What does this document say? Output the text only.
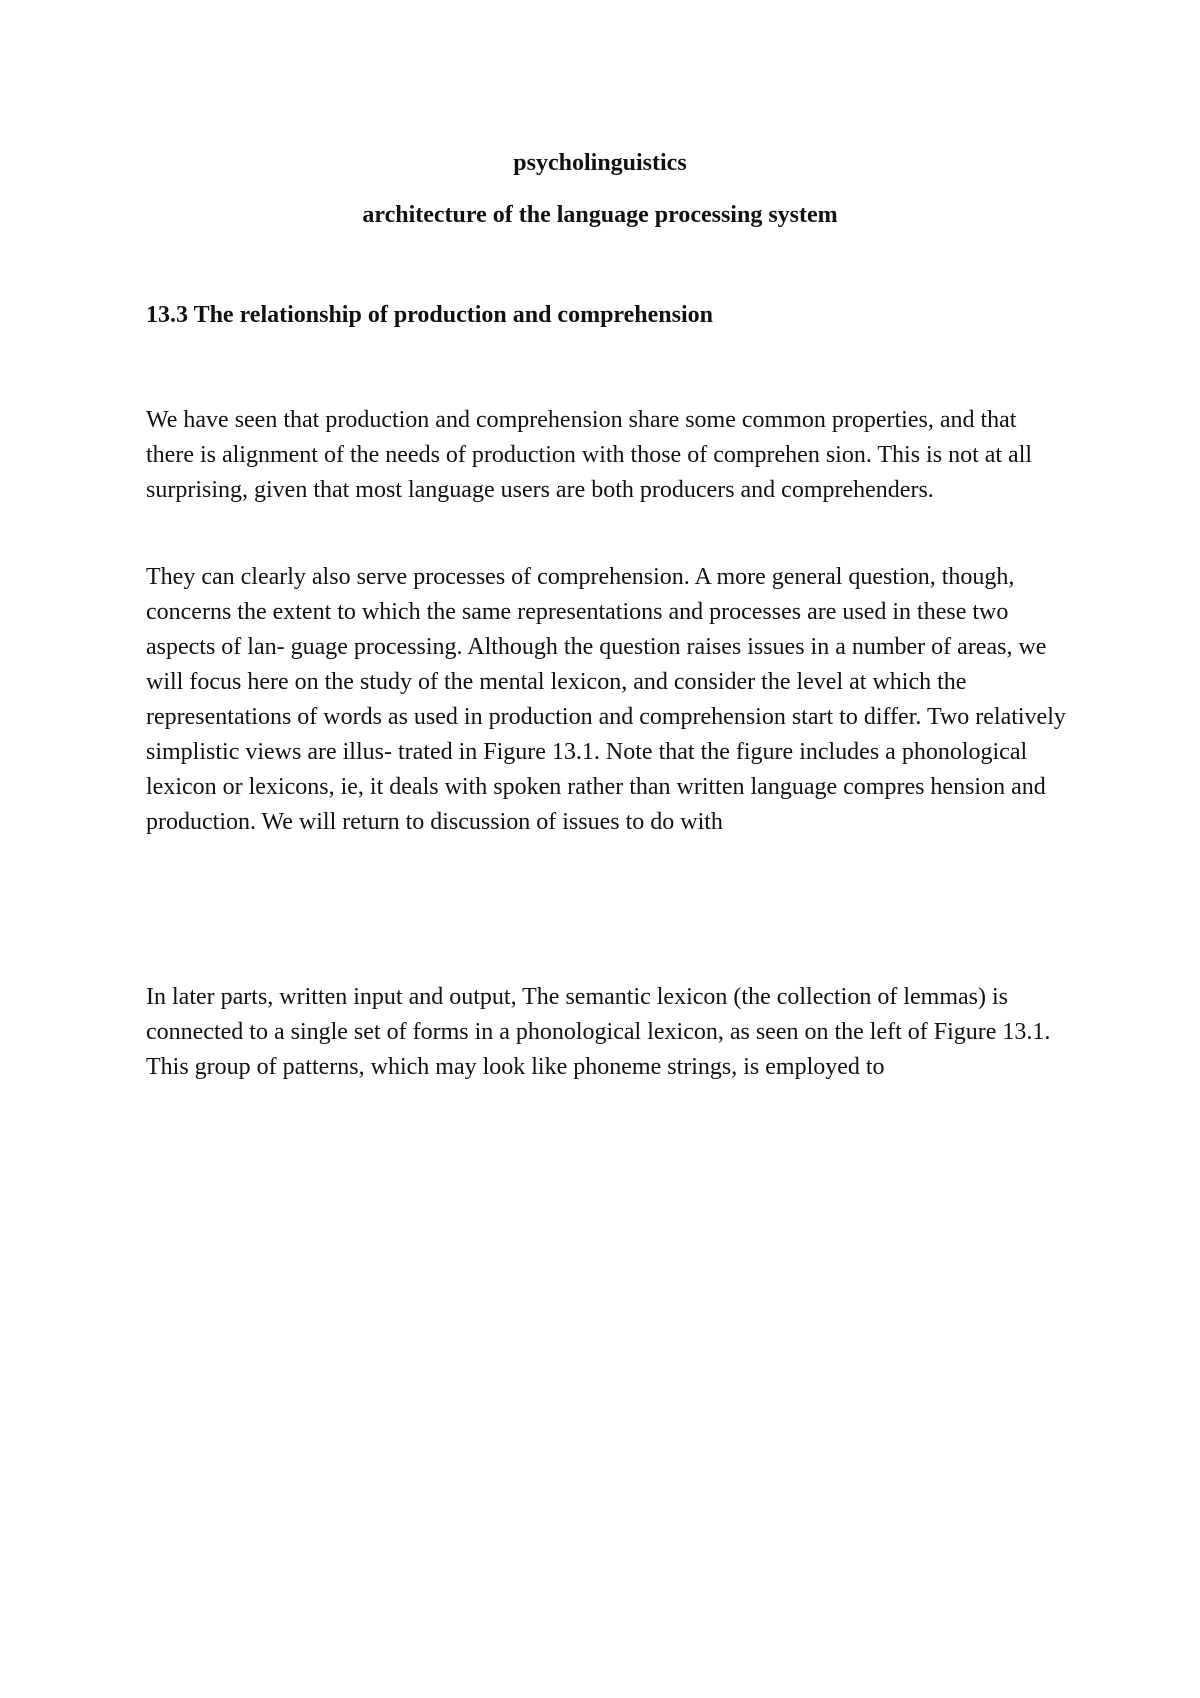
psycholinguistics

architecture of the language processing system

13.3 The relationship of production and comprehension

We have seen that production and comprehension share some common properties, and that there is alignment of the needs of production with those of comprehen sion. This is not at all surprising, given that most language users are both producers and comprehenders.

They can clearly also serve processes of comprehension. A more general question, though, concerns the extent to which the same representations and processes are used in these two aspects of lan- guage processing. Although the question raises issues in a number of areas, we will focus here on the study of the mental lexicon, and consider the level at which the representations of words as used in production and comprehension start to differ. Two relatively simplistic views are illus- trated in Figure 13.1. Note that the figure includes a phonological lexicon or lexicons, ie, it deals with spoken rather than written language compres hension and production. We will return to discussion of issues to do with

In later parts, written input and output, The semantic lexicon (the collection of lemmas) is connected to a single set of forms in a phonological lexicon, as seen on the left of Figure 13.1. This group of patterns, which may look like phoneme strings, is employed to
